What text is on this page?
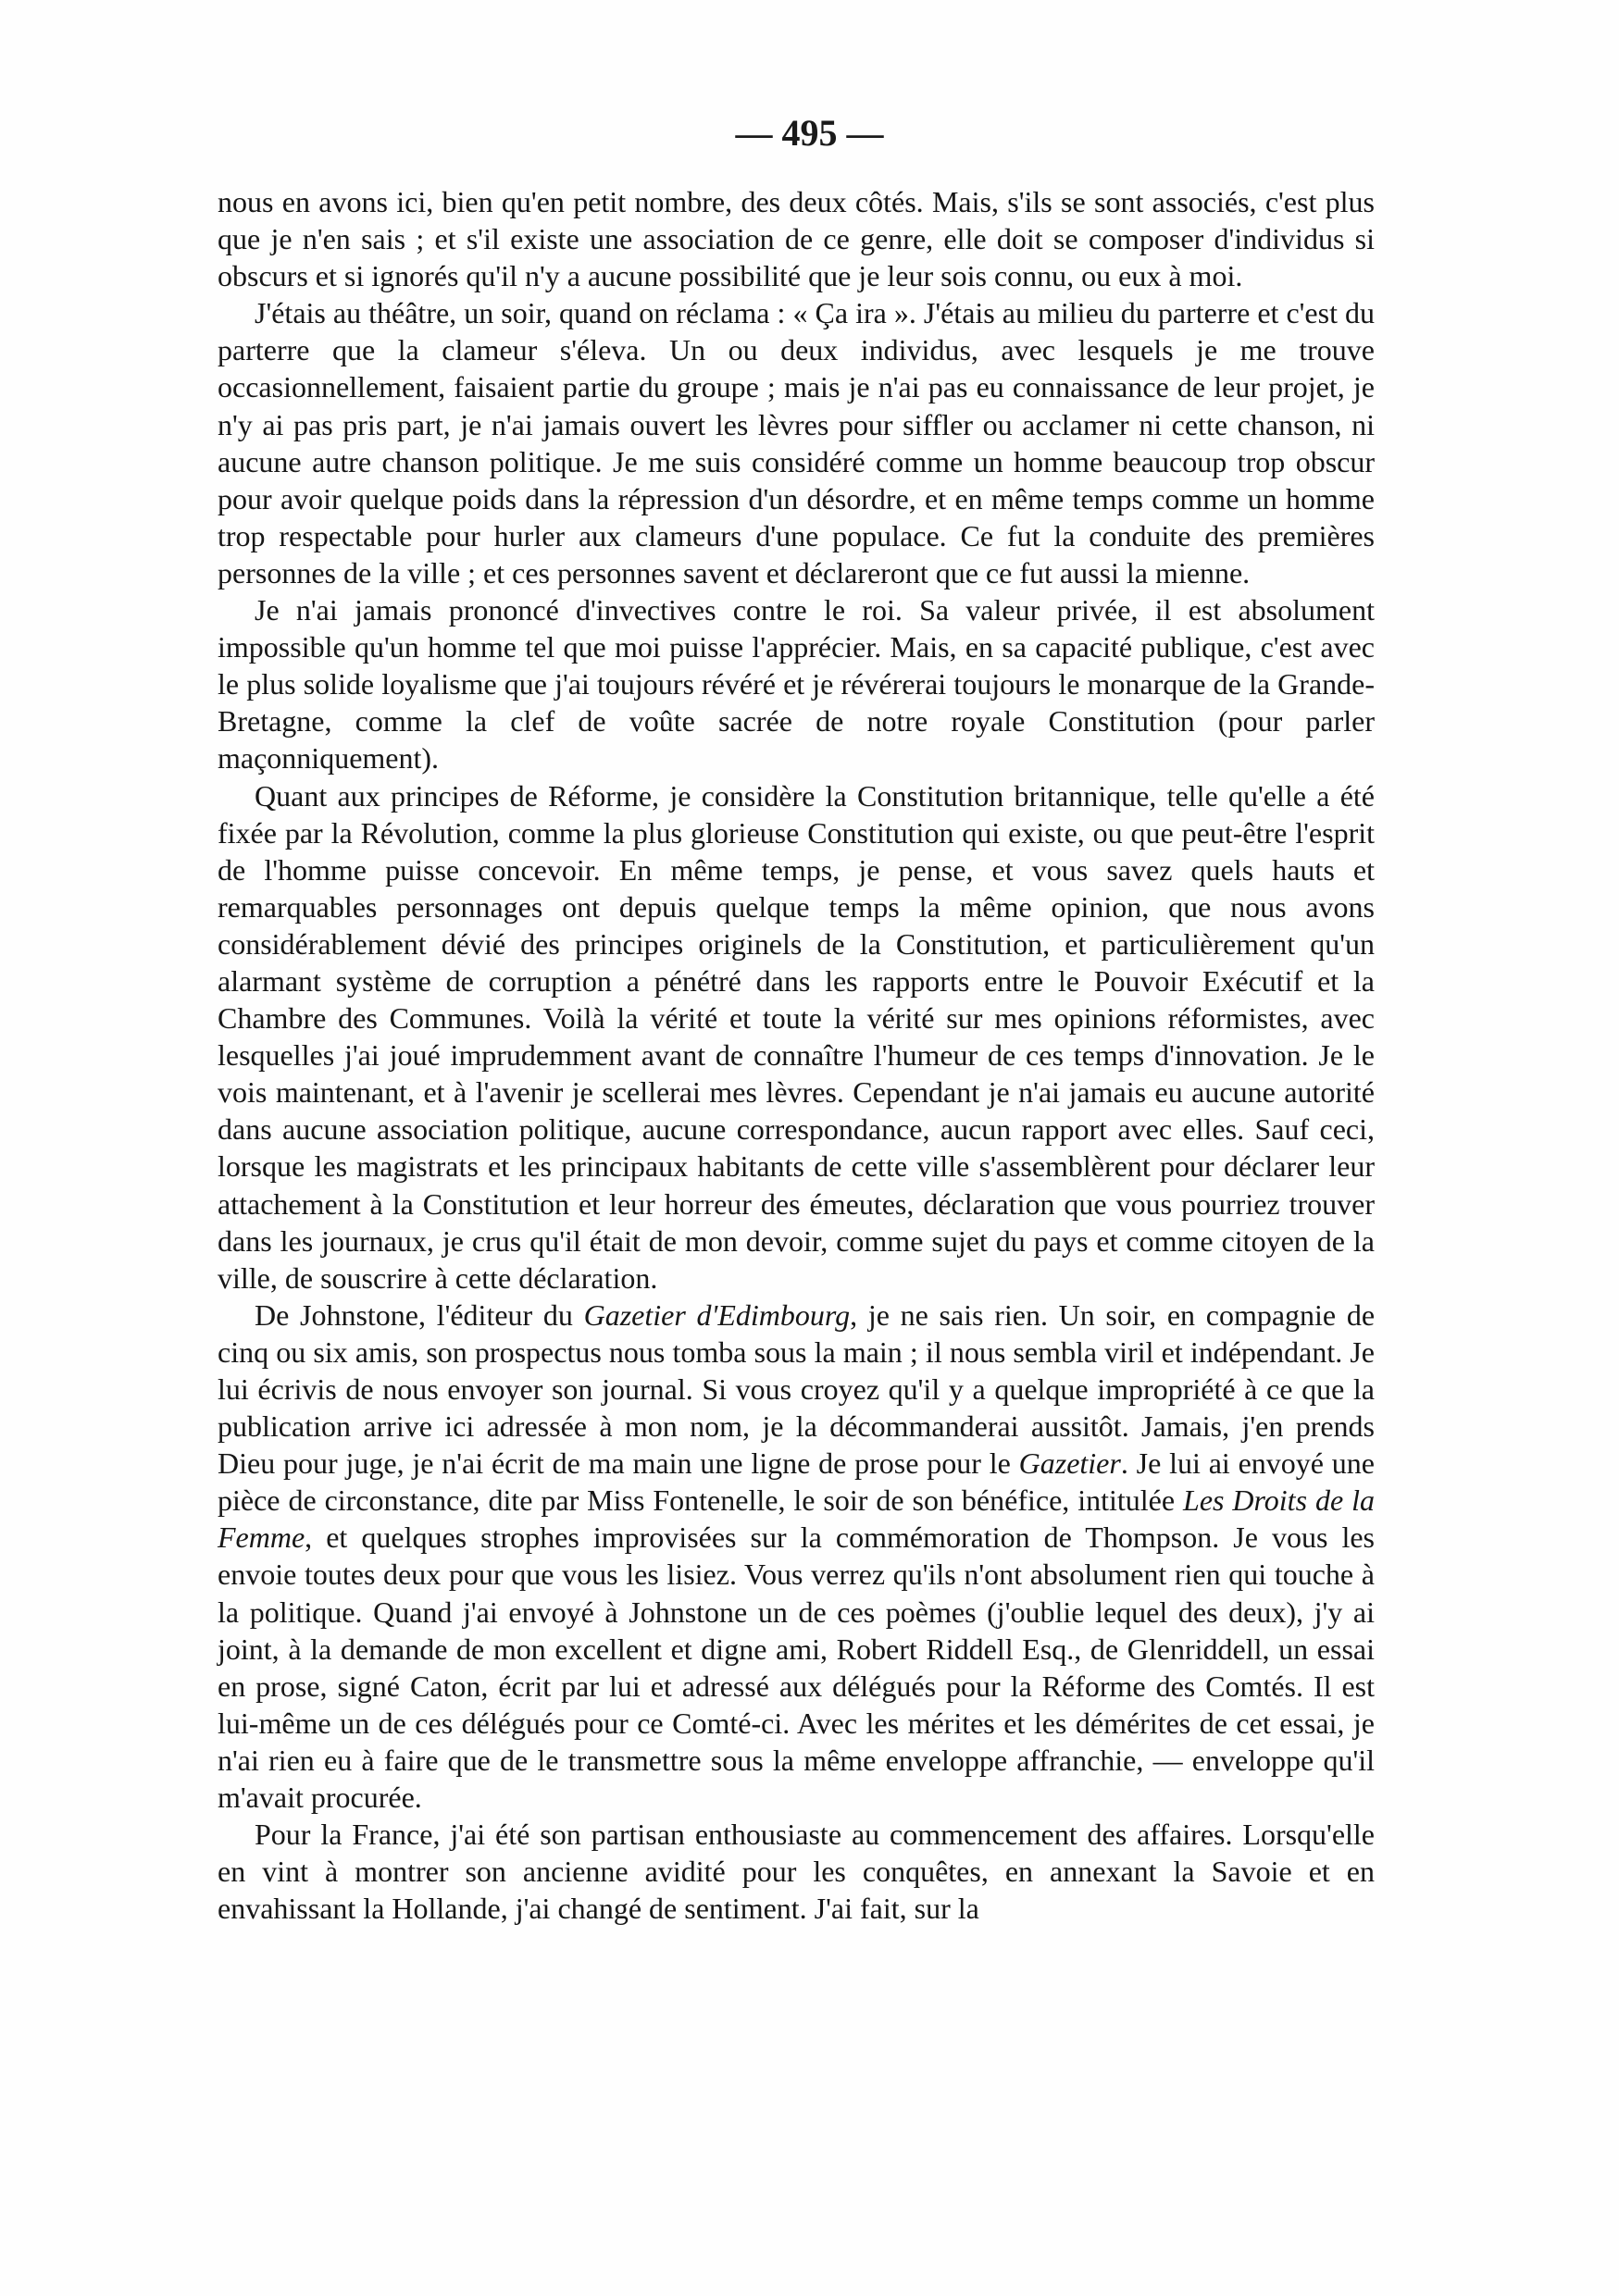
— 495 —

nous en avons ici, bien qu'en petit nombre, des deux côtés. Mais, s'ils se sont associés, c'est plus que je n'en sais ; et s'il existe une association de ce genre, elle doit se composer d'individus si obscurs et si ignorés qu'il n'y a aucune possibilité que je leur sois connu, ou eux à moi.

J'étais au théâtre, un soir, quand on réclama : « Ça ira ». J'étais au milieu du parterre et c'est du parterre que la clameur s'éleva. Un ou deux individus, avec lesquels je me trouve occasionnellement, faisaient partie du groupe ; mais je n'ai pas eu connaissance de leur projet, je n'y ai pas pris part, je n'ai jamais ouvert les lèvres pour siffler ou acclamer ni cette chanson, ni aucune autre chanson politique. Je me suis considéré comme un homme beaucoup trop obscur pour avoir quelque poids dans la répression d'un désordre, et en même temps comme un homme trop respectable pour hurler aux clameurs d'une populace. Ce fut la conduite des premières personnes de la ville ; et ces personnes savent et déclareront que ce fut aussi la mienne.

Je n'ai jamais prononcé d'invectives contre le roi. Sa valeur privée, il est absolument impossible qu'un homme tel que moi puisse l'apprécier. Mais, en sa capacité publique, c'est avec le plus solide loyalisme que j'ai toujours révéré et je révérerai toujours le monarque de la Grande-Bretagne, comme la clef de voûte sacrée de notre royale Constitution (pour parler maçonniquement).

Quant aux principes de Réforme, je considère la Constitution britannique, telle qu'elle a été fixée par la Révolution, comme la plus glorieuse Constitution qui existe, ou que peut-être l'esprit de l'homme puisse concevoir. En même temps, je pense, et vous savez quels hauts et remarquables personnages ont depuis quelque temps la même opinion, que nous avons considérablement dévié des principes originels de la Constitution, et particulièrement qu'un alarmant système de corruption a pénétré dans les rapports entre le Pouvoir Exécutif et la Chambre des Communes. Voilà la vérité et toute la vérité sur mes opinions réformistes, avec lesquelles j'ai joué imprudemment avant de connaître l'humeur de ces temps d'innovation. Je le vois maintenant, et à l'avenir je scellerai mes lèvres. Cependant je n'ai jamais eu aucune autorité dans aucune association politique, aucune correspondance, aucun rapport avec elles. Sauf ceci, lorsque les magistrats et les principaux habitants de cette ville s'assemblèrent pour déclarer leur attachement à la Constitution et leur horreur des émeutes, déclaration que vous pourriez trouver dans les journaux, je crus qu'il était de mon devoir, comme sujet du pays et comme citoyen de la ville, de souscrire à cette déclaration.

De Johnstone, l'éditeur du Gazetier d'Edimbourg, je ne sais rien. Un soir, en compagnie de cinq ou six amis, son prospectus nous tomba sous la main ; il nous sembla viril et indépendant. Je lui écrivis de nous envoyer son journal. Si vous croyez qu'il y a quelque impropriété à ce que la publication arrive ici adressée à mon nom, je la décommanderai aussitôt. Jamais, j'en prends Dieu pour juge, je n'ai écrit de ma main une ligne de prose pour le Gazetier. Je lui ai envoyé une pièce de circonstance, dite par Miss Fontenelle, le soir de son bénéfice, intitulée Les Droits de la Femme, et quelques strophes improvisées sur la commémoration de Thompson. Je vous les envoie toutes deux pour que vous les lisiez. Vous verrez qu'ils n'ont absolument rien qui touche à la politique. Quand j'ai envoyé à Johnstone un de ces poèmes (j'oublie lequel des deux), j'y ai joint, à la demande de mon excellent et digne ami, Robert Riddell Esq., de Glenriddell, un essai en prose, signé Caton, écrit par lui et adressé aux délégués pour la Réforme des Comtés. Il est lui-même un de ces délégués pour ce Comté-ci. Avec les mérites et les démérites de cet essai, je n'ai rien eu à faire que de le transmettre sous la même enveloppe affranchie, — enveloppe qu'il m'avait procurée.

Pour la France, j'ai été son partisan enthousiaste au commencement des affaires. Lorsqu'elle en vint à montrer son ancienne avidité pour les conquêtes, en annexant la Savoie et en envahissant la Hollande, j'ai changé de sentiment. J'ai fait, sur la
